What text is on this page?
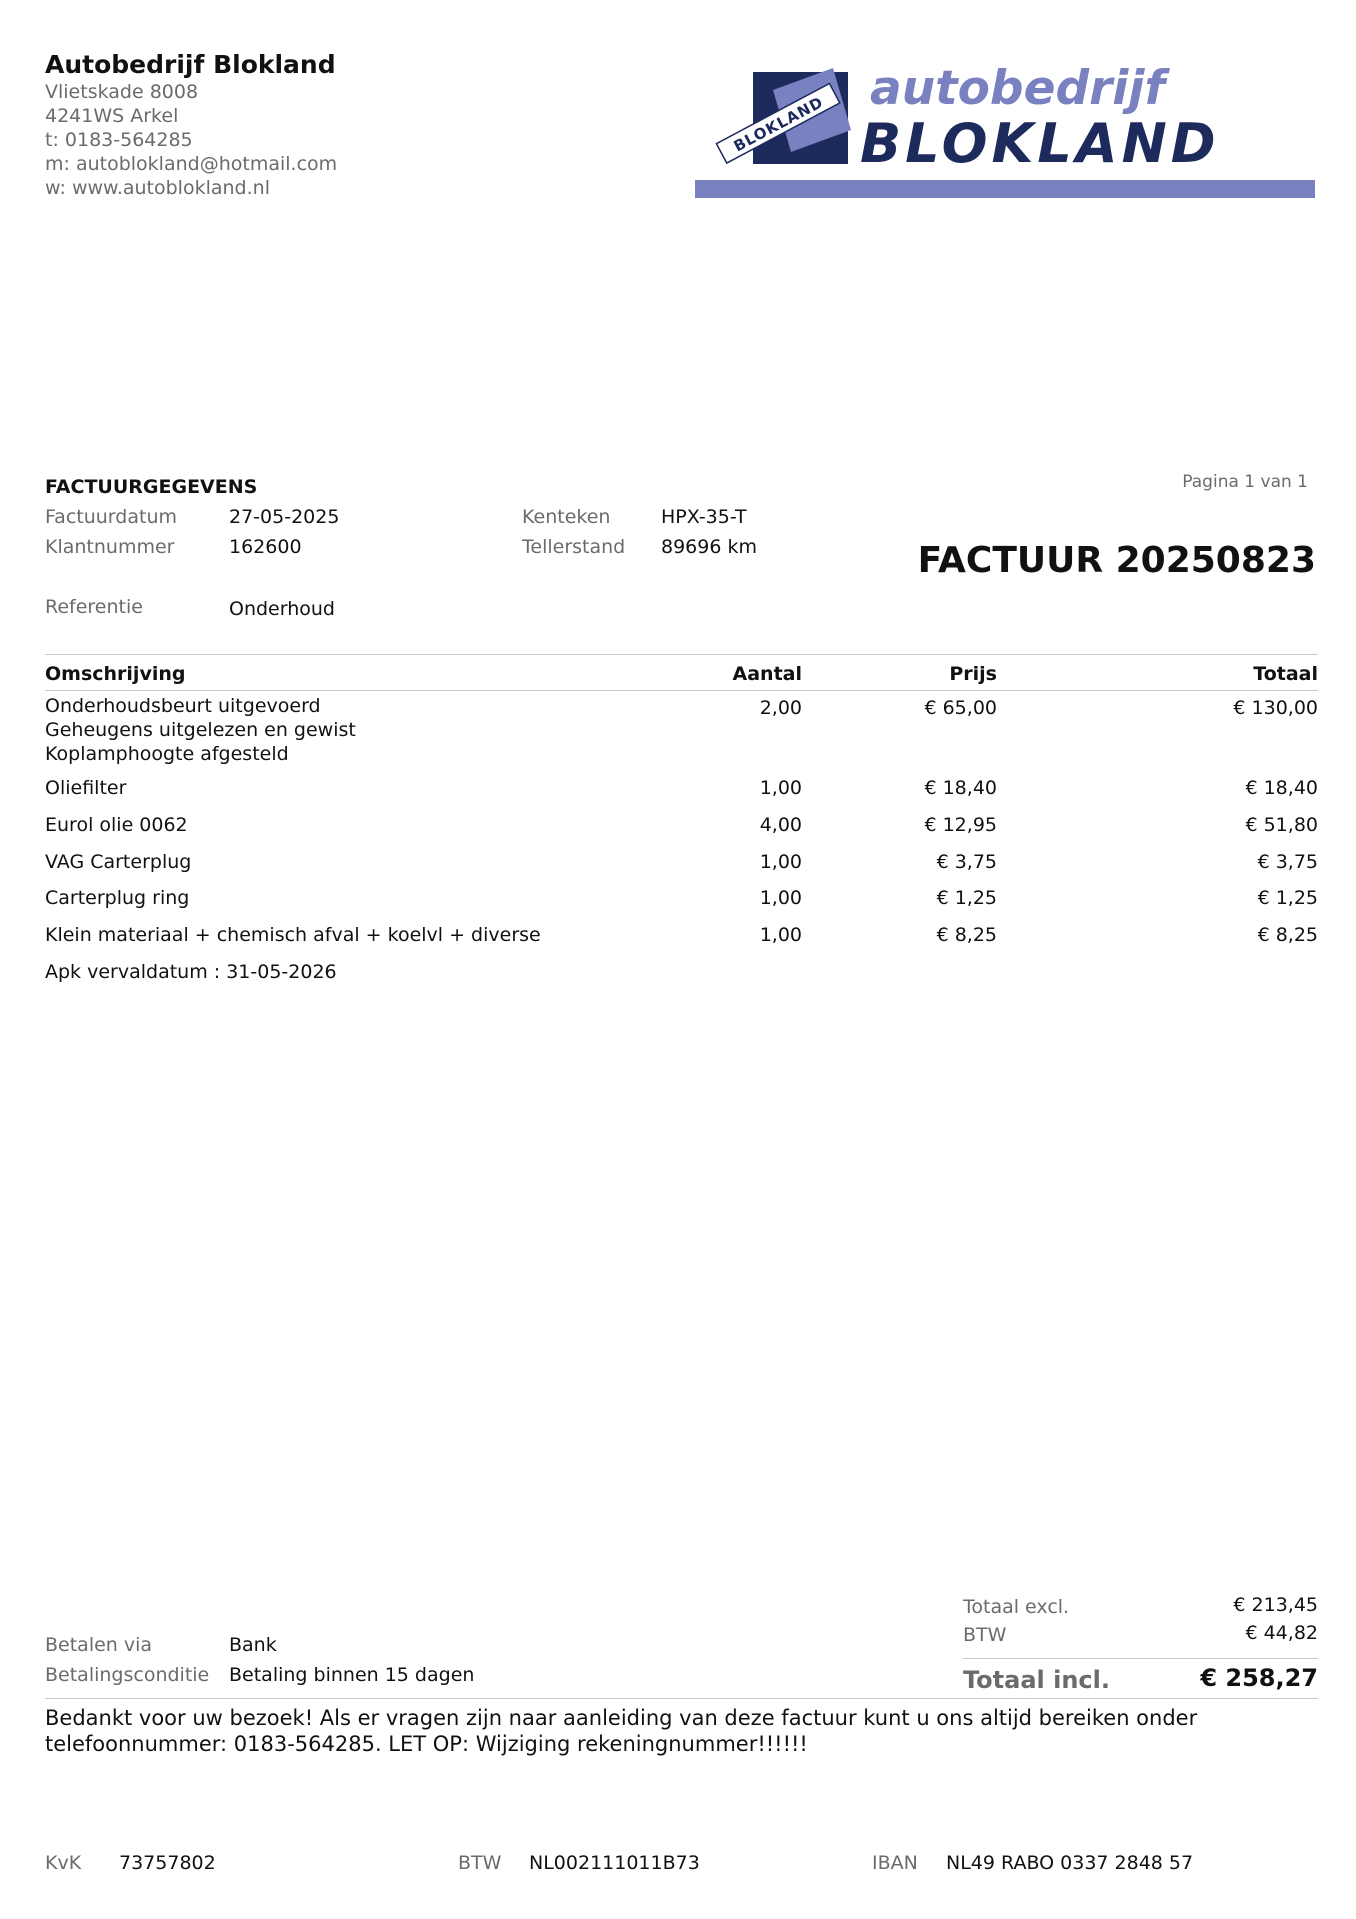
Autobedrijf Blokland
Vlietskade 8008
4241WS Arkel
t: 0183-564285
m: autoblokland@hotmail.com
w: www.autoblokland.nl
BLOKLAND
autobedrijf
BLOKLAND
FACTUURGEGEVENS	Pagina 1 van 1
FACTUUR 20250823
Factuurdatum	27-05-2025
Klantnummer	162600
Kenteken	HPX-35-T
Tellerstand 89696 km
Referentie	Onderhoud
Omschrijving	Aantal	Prijs	Totaal
Onderhoudsbeurt uitgevoerd
Geheugens uitgelezen en gewist
Koplamphoogte afgesteld
2,00	€ 65,00	€ 130,00
Oliefilter	1,00	€ 18,40	€ 18,40
Eurol olie 0062	4,00	€ 12,95	€ 51,80
VAG Carterplug	1,00	€ 3,75	€ 3,75
Carterplug ring	1,00	€ 1,25	€ 1,25
Klein materiaal + chemisch afval + koelvl + diverse	1,00	€ 8,25	€ 8,25
Apk vervaldatum : 31-05-2026
Totaal excl.	€ 213,45
BTW	€ 44,82
Totaal incl.	€ 258,27
Betalen via	Bank
Betalingsconditie Betaling binnen 15 dagen
Bedankt voor uw bezoek! Als er vragen zijn naar aanleiding van deze factuur kunt u ons altijd bereiken onder telefoonnummer: 0183-564285. LET OP: Wijziging rekeningnummer!!!!!!
KvK 73757802	BTW NL002111011B73	IBAN NL49 RABO 0337 2848 57
